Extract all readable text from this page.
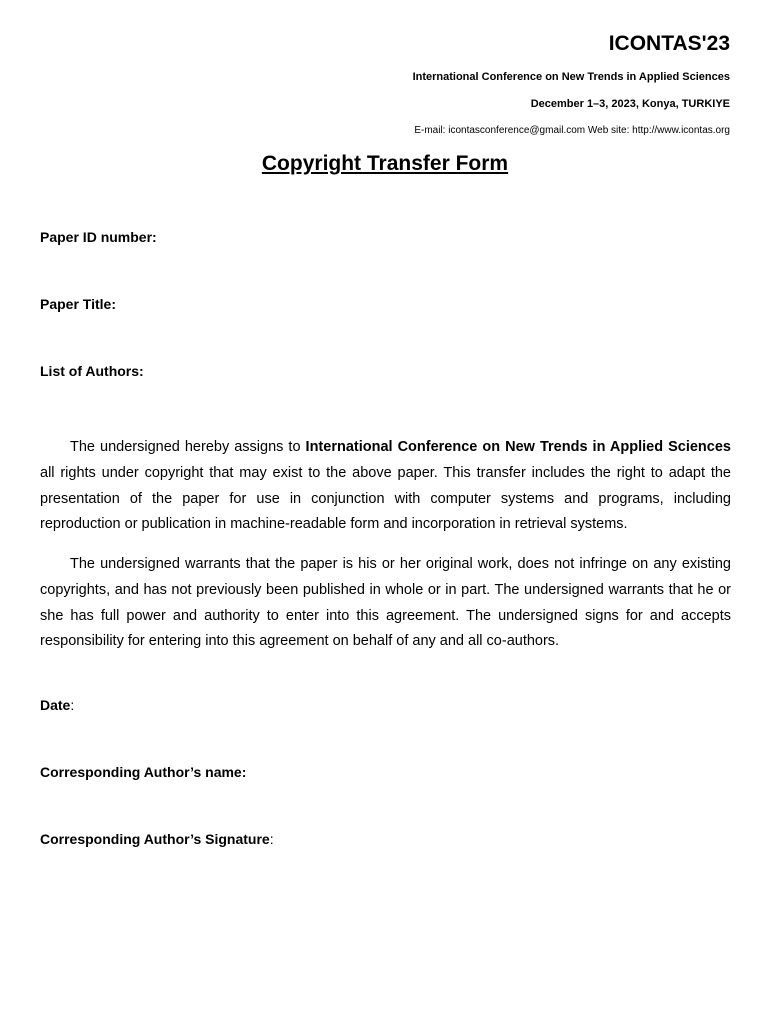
ICONTAS'23
International Conference on New Trends in Applied Sciences
December 1–3, 2023, Konya, TURKIYE
E-mail: icontasconference@gmail.com Web site: http://www.icontas.org
Copyright Transfer Form
Paper ID number:
Paper Title:
List of Authors:

The undersigned hereby assigns to International Conference on New Trends in Applied Sciences all rights under copyright that may exist to the above paper. This transfer includes the right to adapt the presentation of the paper for use in conjunction with computer systems and programs, including reproduction or publication in machine-readable form and incorporation in retrieval systems.

The undersigned warrants that the paper is his or her original work, does not infringe on any existing copyrights, and has not previously been published in whole or in part. The undersigned warrants that he or she has full power and authority to enter into this agreement. The undersigned signs for and accepts responsibility for entering into this agreement on behalf of any and all co-authors.

Date:
Corresponding Author’s name:
Corresponding Author’s Signature:
